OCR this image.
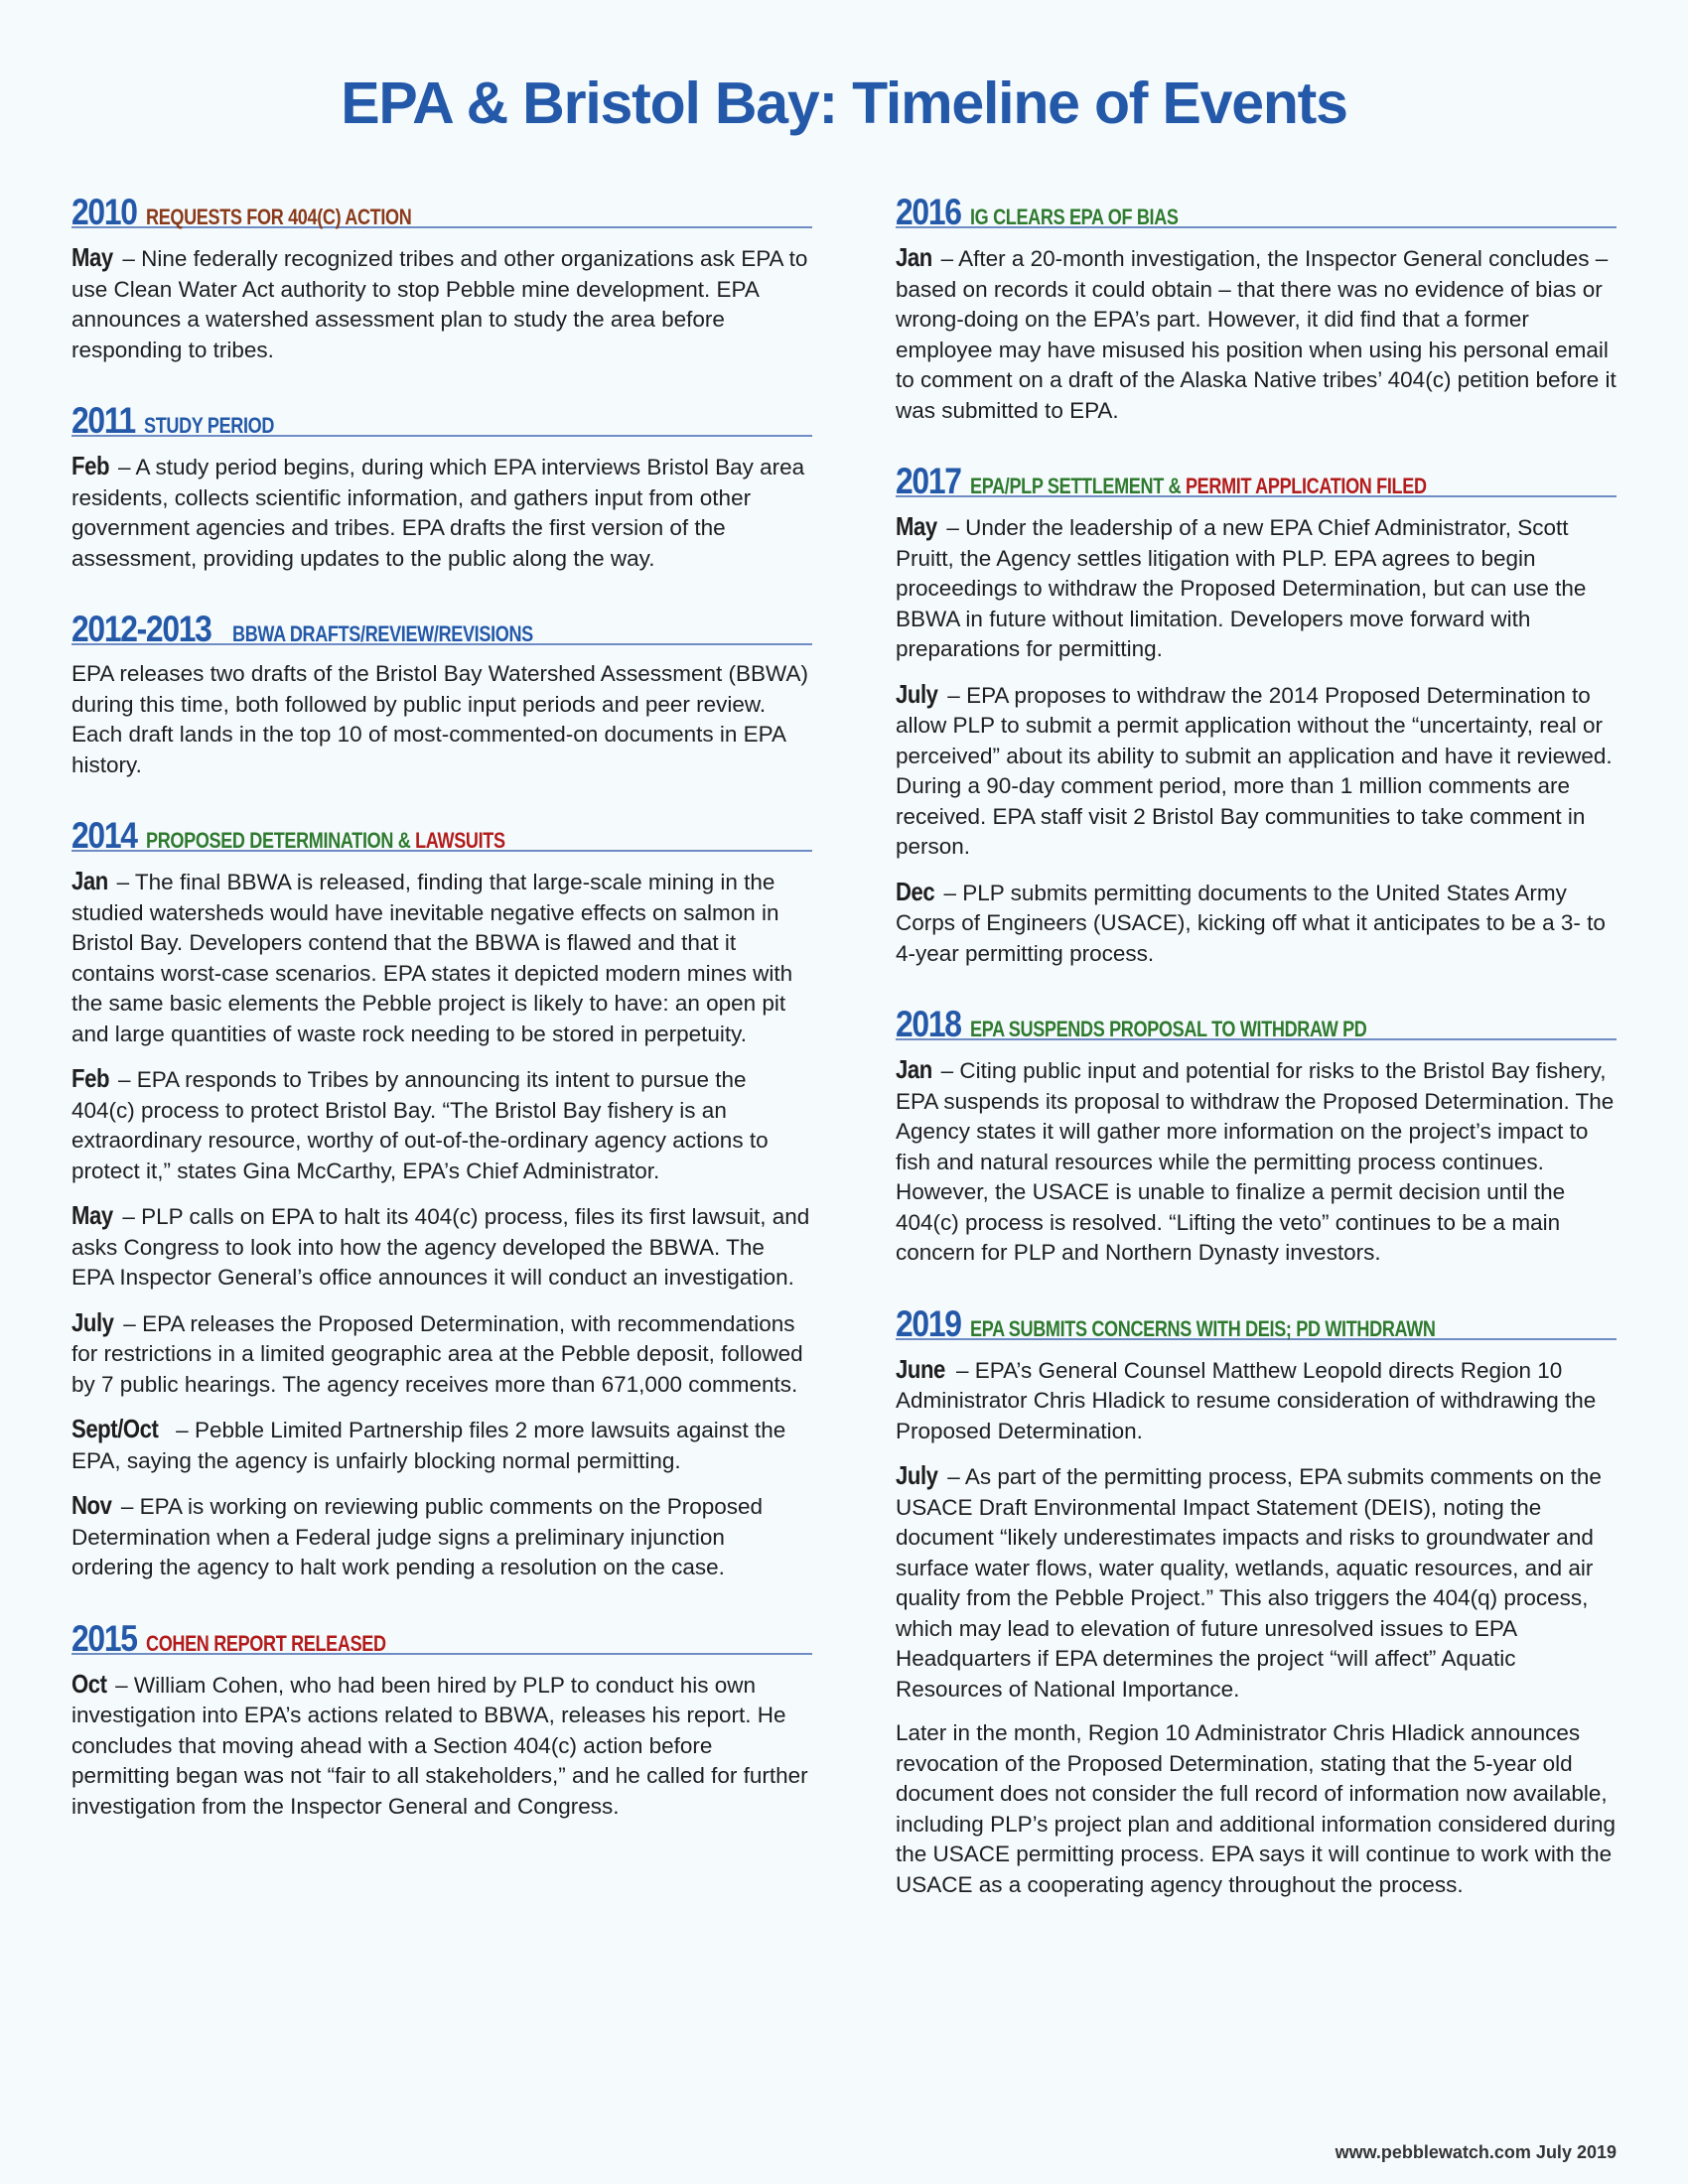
EPA & Bristol Bay: Timeline of Events
2010 REQUESTS FOR 404(C) ACTION

May – Nine federally recognized tribes and other organizations ask EPA to use Clean Water Act authority to stop Pebble mine development. EPA announces a watershed assessment plan to study the area before responding to tribes.

2011 STUDY PERIOD

Feb – A study period begins, during which EPA interviews Bristol Bay area residents, collects scientific information, and gathers input from other government agencies and tribes. EPA drafts the first version of the assessment, providing updates to the public along the way.

2012-2013 BBWA DRAFTS/REVIEW/REVISIONS

EPA releases two drafts of the Bristol Bay Watershed Assessment (BBWA) during this time, both followed by public input periods and peer review. Each draft lands in the top 10 of most-commented-on documents in EPA history.

2014 PROPOSED DETERMINATION & LAWSUITS

Jan – The final BBWA is released, finding that large-scale mining in the studied watersheds would have inevitable negative effects on salmon in Bristol Bay. Developers contend that the BBWA is flawed and that it contains worst-case scenarios. EPA states it depicted modern mines with the same basic elements the Pebble project is likely to have: an open pit and large quantities of waste rock needing to be stored in perpetuity.

Feb – EPA responds to Tribes by announcing its intent to pursue the 404(c) process to protect Bristol Bay. “The Bristol Bay fishery is an extraordinary resource, worthy of out-of-the-ordinary agency actions to protect it,” states Gina McCarthy, EPA’s Chief Administrator.

May – PLP calls on EPA to halt its 404(c) process, files its first lawsuit, and asks Congress to look into how the agency developed the BBWA. The EPA Inspector General’s office announces it will conduct an investigation.

July – EPA releases the Proposed Determination, with recommendations for restrictions in a limited geographic area at the Pebble deposit, followed by 7 public hearings. The agency receives more than 671,000 comments.

Sept/Oct – Pebble Limited Partnership files 2 more lawsuits against the EPA, saying the agency is unfairly blocking normal permitting.

Nov – EPA is working on reviewing public comments on the Proposed Determination when a Federal judge signs a preliminary injunction ordering the agency to halt work pending a resolution on the case.

2015 COHEN REPORT RELEASED

Oct – William Cohen, who had been hired by PLP to conduct his own investigation into EPA’s actions related to BBWA, releases his report. He concludes that moving ahead with a Section 404(c) action before permitting began was not “fair to all stakeholders,” and he called for further investigation from the Inspector General and Congress.

2016 IG CLEARS EPA OF BIAS

Jan – After a 20-month investigation, the Inspector General concludes – based on records it could obtain – that there was no evidence of bias or wrong-doing on the EPA’s part. However, it did find that a former employee may have misused his position when using his personal email to comment on a draft of the Alaska Native tribes’ 404(c) petition before it was submitted to EPA.

2017 EPA/PLP SETTLEMENT & PERMIT APPLICATION FILED

May – Under the leadership of a new EPA Chief Administrator, Scott Pruitt, the Agency settles litigation with PLP. EPA agrees to begin proceedings to withdraw the Proposed Determination, but can use the BBWA in future without limitation. Developers move forward with preparations for permitting.

July – EPA proposes to withdraw the 2014 Proposed Determination to allow PLP to submit a permit application without the “uncertainty, real or perceived” about its ability to submit an application and have it reviewed. During a 90-day comment period, more than 1 million comments are received. EPA staff visit 2 Bristol Bay communities to take comment in person.

Dec – PLP submits permitting documents to the United States Army Corps of Engineers (USACE), kicking off what it anticipates to be a 3- to 4-year permitting process.

2018 EPA SUSPENDS PROPOSAL TO WITHDRAW PD

Jan – Citing public input and potential for risks to the Bristol Bay fishery, EPA suspends its proposal to withdraw the Proposed Determination. The Agency states it will gather more information on the project’s impact to fish and natural resources while the permitting process continues. However, the USACE is unable to finalize a permit decision until the 404(c) process is resolved. “Lifting the veto” continues to be a main concern for PLP and Northern Dynasty investors.

2019 EPA SUBMITS CONCERNS WITH DEIS; PD WITHDRAWN

June – EPA’s General Counsel Matthew Leopold directs Region 10 Administrator Chris Hladick to resume consideration of withdrawing the Proposed Determination.

July – As part of the permitting process, EPA submits comments on the USACE Draft Environmental Impact Statement (DEIS), noting the document “likely underestimates impacts and risks to groundwater and surface water flows, water quality, wetlands, aquatic resources, and air quality from the Pebble Project.” This also triggers the 404(q) process, which may lead to elevation of future unresolved issues to EPA Headquarters if EPA determines the project “will affect” Aquatic Resources of National Importance.

Later in the month, Region 10 Administrator Chris Hladick announces revocation of the Proposed Determination, stating that the 5-year old document does not consider the full record of information now available, including PLP’s project plan and additional information considered during the USACE permitting process. EPA says it will continue to work with the USACE as a cooperating agency throughout the process.

www.pebblewatch.com July 2019
